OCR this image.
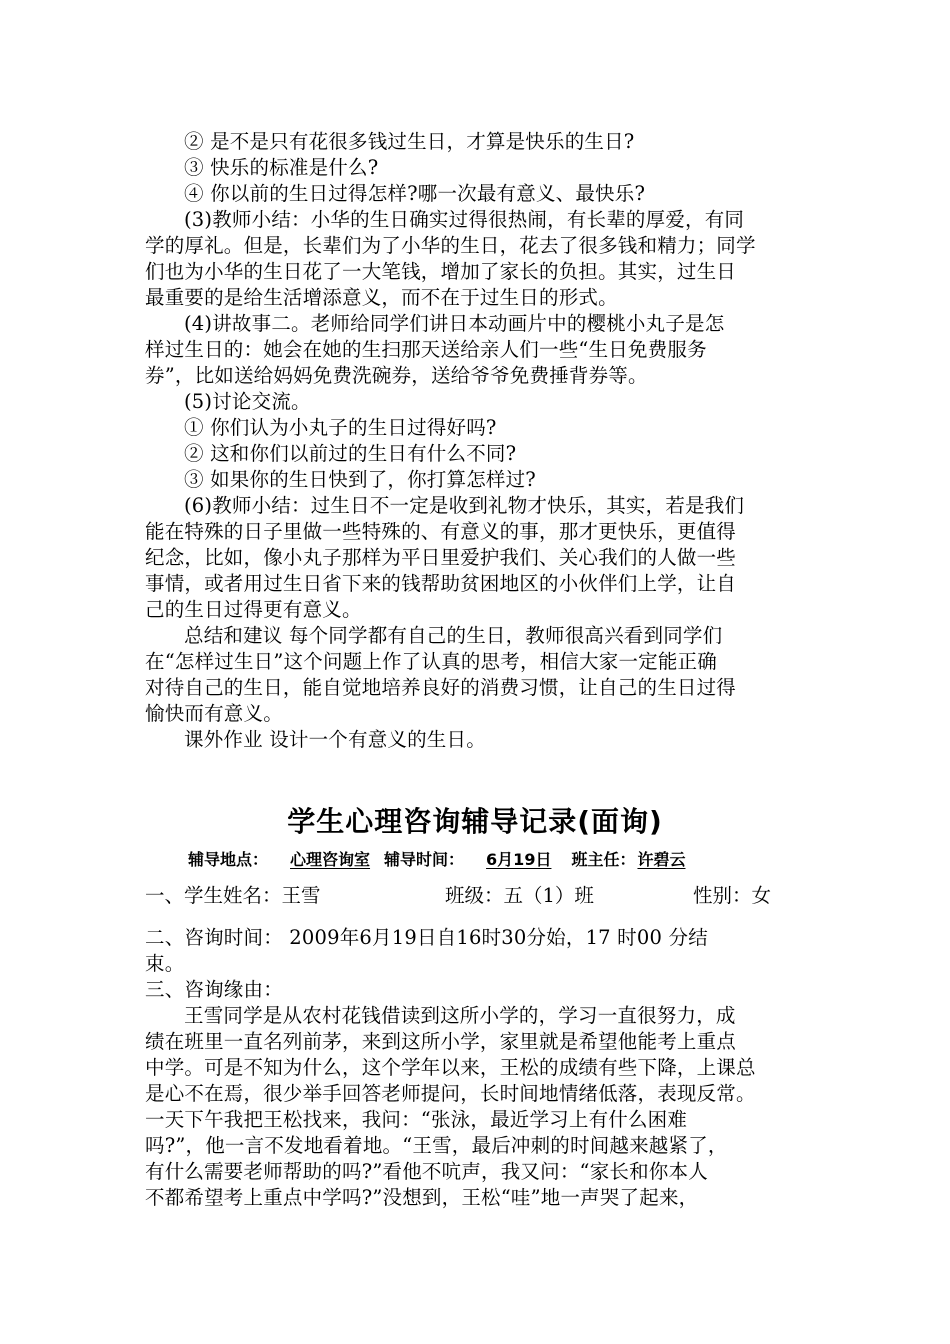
② 是不是只有花很多钱过生日，才算是快乐的生日?
③ 快乐的标准是什么?
④ 你以前的生日过得怎样?哪一次最有意义、最快乐?
(3)教师小结：小华的生日确实过得很热闹，有长辈的厚爱，有同
学的厚礼。但是，长辈们为了小华的生日，花去了很多钱和精力；同学
们也为小华的生日花了一大笔钱，增加了家长的负担。其实，过生日
最重要的是给生活增添意义，而不在于过生日的形式。
(4)讲故事二。老师给同学们讲日本动画片中的樱桃小丸子是怎
样过生日的：她会在她的生扫那天送给亲人们一些“生日免费服务
券”，比如送给妈妈免费洗碗券，送给爷爷免费捶背券等。
(5)讨论交流。
① 你们认为小丸子的生日过得好吗?
② 这和你们以前过的生日有什么不同?
③ 如果你的生日快到了，你打算怎样过?
(6)教师小结：过生日不一定是收到礼物才快乐，其实，若是我们
能在特殊的日子里做一些特殊的、有意义的事，那才更快乐，更值得
纪念，比如，像小丸子那样为平日里爱护我们、关心我们的人做一些
事情，或者用过生日省下来的钱帮助贫困地区的小伙伴们上学，让自
己的生日过得更有意义。
总结和建议 每个同学都有自己的生日，教师很高兴看到同学们
在“怎样过生日”这个问题上作了认真的思考，相信大家一定能正确
对待自己的生日，能自觉地培养良好的消费习惯，让自己的生日过得
愉快而有意义。
课外作业 设计一个有意义的生日。
学生心理咨询辅导记录(面询)
辅导地点： 心理咨询室 辅导时间： 6月19日 班主任： 许碧云
一、学生姓名：王雪	班级：五（1）班	性别：女
二、咨询时间： 2009年6月19日自16时30分始，17 时00 分结
束。
三、咨询缘由：
王雪同学是从农村花钱借读到这所小学的，学习一直很努力，成
绩在班里一直名列前茅，来到这所小学，家里就是希望他能考上重点
中学。可是不知为什么，这个学年以来，王松的成绩有些下降，上课总
是心不在焉，很少举手回答老师提问，长时间地情绪低落，表现反常。
一天下午我把王松找来，我问：“张泳，最近学习上有什么困难
吗?”，他一言不发地看着地。“王雪，最后冲刺的时间越来越紧了，
有什么需要老师帮助的吗?”看他不吭声，我又问：“家长和你本人
不都希望考上重点中学吗?”没想到，王松“哇”地一声哭了起来，
